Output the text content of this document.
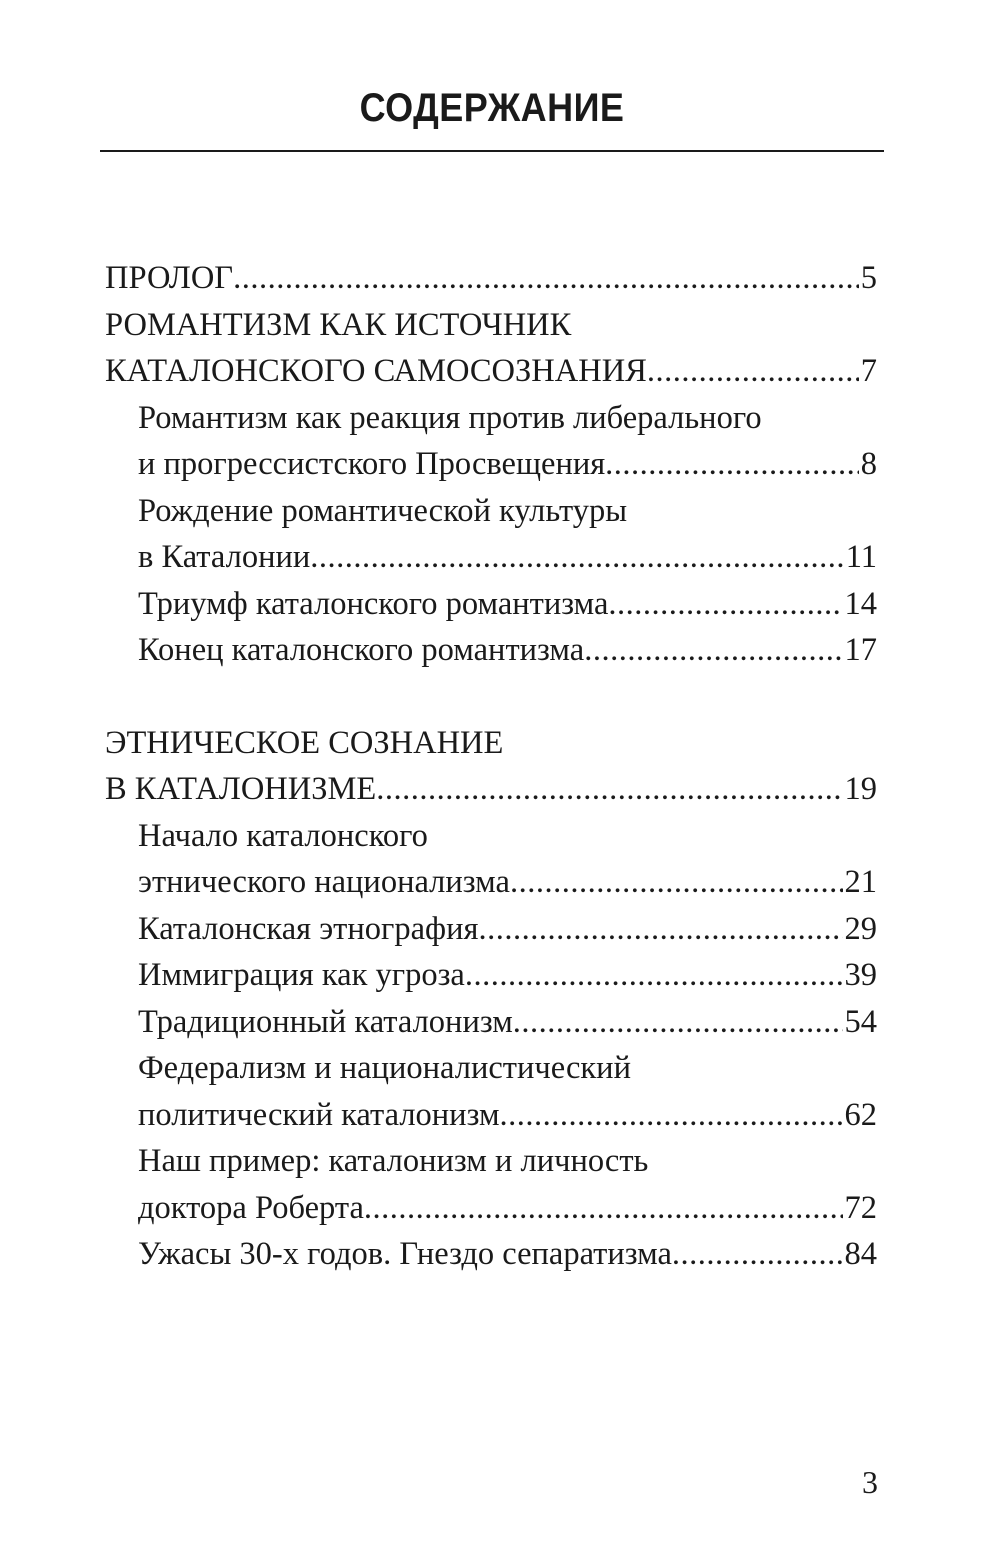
СОДЕРЖАНИЕ
ПРОЛОГ .....	5
РОМАНТИЗМ КАК ИСТОЧНИК
КАТАЛОНСКОГО САМОСОЗНАНИЯ .....	7
Романтизм как реакция против либерального
и прогрессистского Просвещения .....	8
Рождение романтической культуры
в Каталонии .....	11
Триумф каталонского романтизма .....	14
Конец каталонского романтизма .....	17
ЭТНИЧЕСКОЕ СОЗНАНИЕ
В КАТАЛОНИЗМЕ .....	19
Начало каталонского
этнического национализма .....	21
Каталонская этнография .....	29
Иммиграция как угроза .....	39
Традиционный каталонизм .....	54
Федерализм и националистический
политический каталонизм .....	62
Наш пример: каталонизм и личность
доктора Роберта .....	72
Ужасы 30-х годов. Гнездо сепаратизма .....	84
3
